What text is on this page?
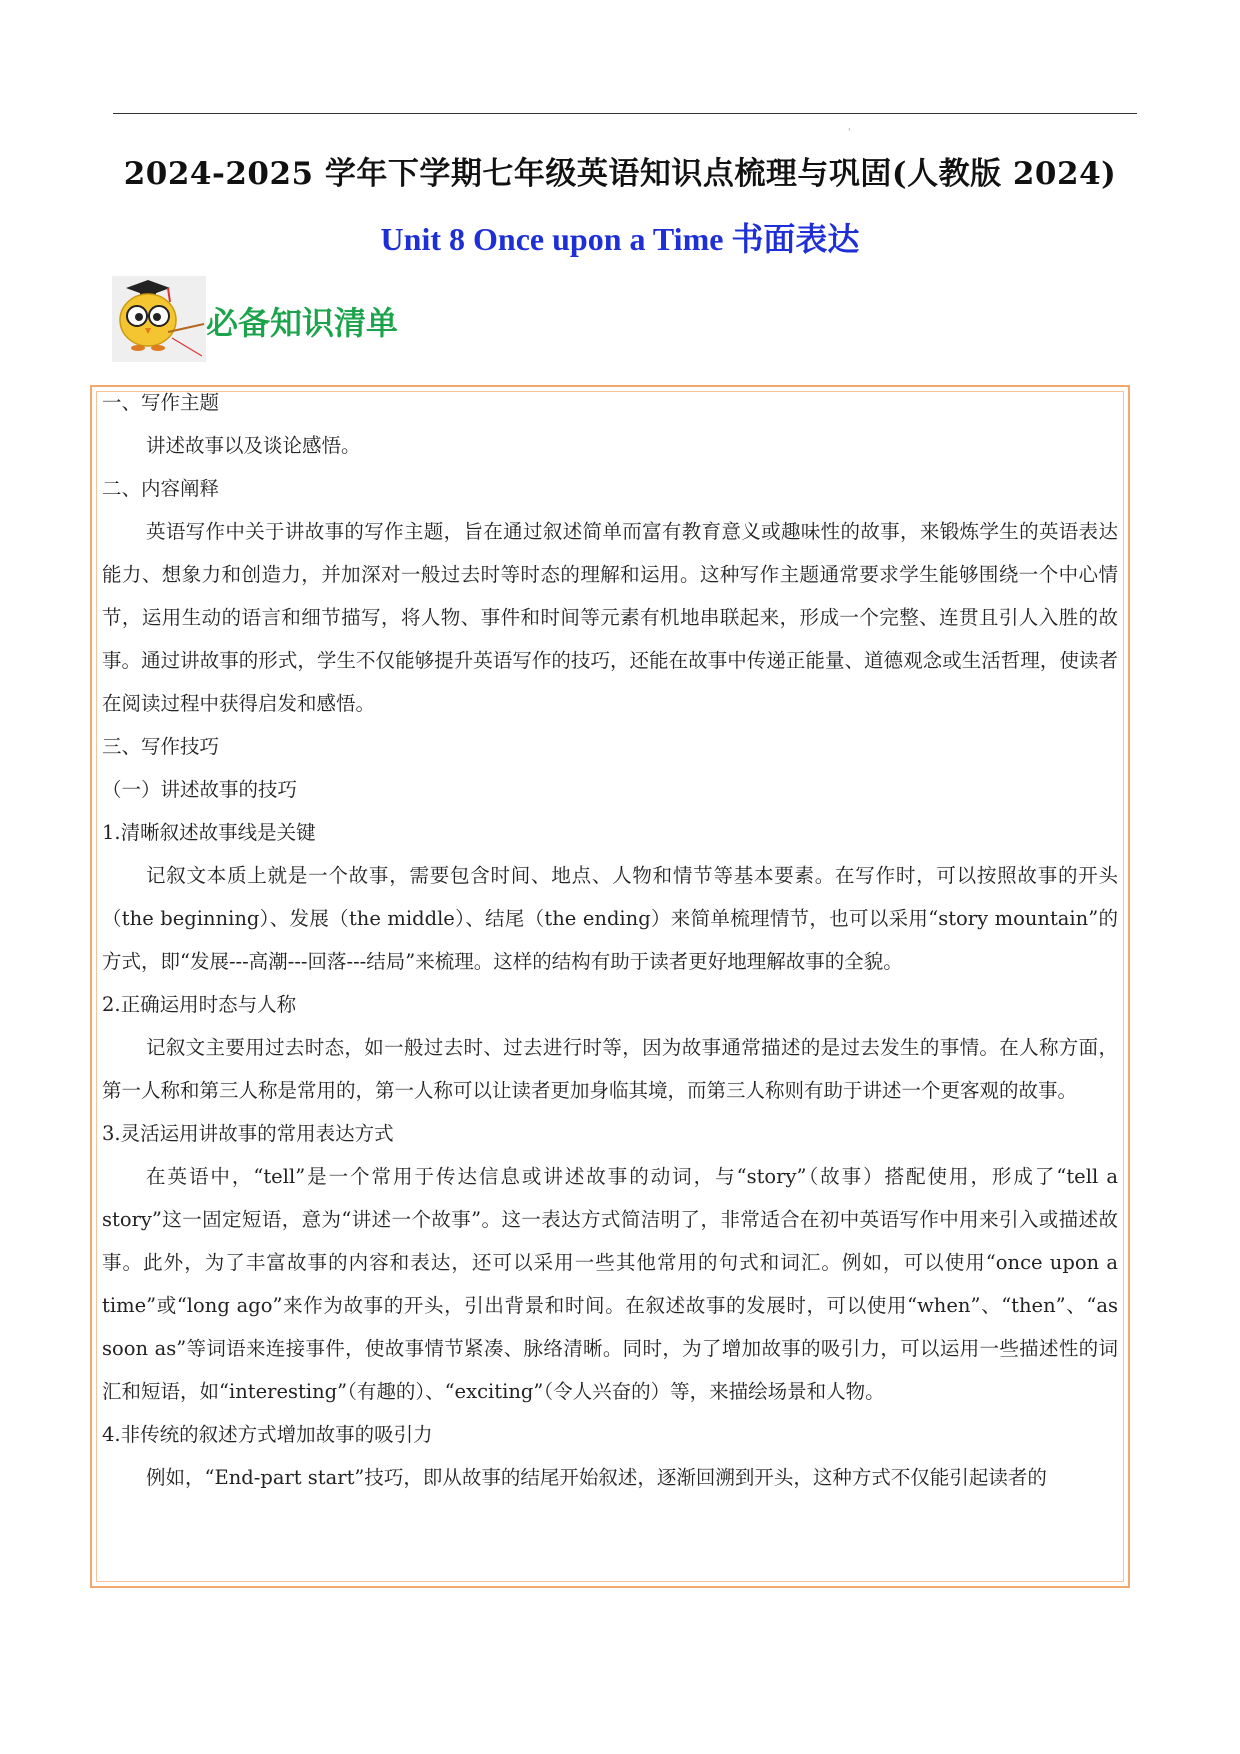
'
2024-2025 学年下学期七年级英语知识点梳理与巩固(人教版 2024)
Unit 8 Once upon a Time 书面表达
必备知识清单

一、写作主题

讲述故事以及谈论感悟。

二、内容阐释

英语写作中关于讲故事的写作主题，旨在通过叙述简单而富有教育意义或趣味性的故事，来锻炼学生的英语表达能力、想象力和创造力，并加深对一般过去时等时态的理解和运用。这种写作主题通常要求学生能够围绕一个中心情节，运用生动的语言和细节描写，将人物、事件和时间等元素有机地串联起来，形成一个完整、连贯且引人入胜的故事。通过讲故事的形式，学生不仅能够提升英语写作的技巧，还能在故事中传递正能量、道德观念或生活哲理，使读者在阅读过程中获得启发和感悟。

三、写作技巧

（一）讲述故事的技巧

1.清晰叙述故事线是关键

记叙文本质上就是一个故事，需要包含时间、地点、人物和情节等基本要素。在写作时，可以按照故事的开头（the beginning）、发展（the middle）、结尾（the ending）来简单梳理情节，也可以采用“story mountain”的方式，即“发展---高潮---回落---结局”来梳理。这样的结构有助于读者更好地理解故事的全貌。

2.正确运用时态与人称

记叙文主要用过去时态，如一般过去时、过去进行时等，因为故事通常描述的是过去发生的事情。在人称方面，第一人称和第三人称是常用的，第一人称可以让读者更加身临其境，而第三人称则有助于讲述一个更客观的故事。

3.灵活运用讲故事的常用表达方式

在英语中，“tell”是一个常用于传达信息或讲述故事的动词，与“story”（故事）搭配使用，形成了“tell a story”这一固定短语，意为“讲述一个故事”。这一表达方式简洁明了，非常适合在初中英语写作中用来引入或描述故事。此外，为了丰富故事的内容和表达，还可以采用一些其他常用的句式和词汇。例如，可以使用“once upon a time”或“long ago”来作为故事的开头，引出背景和时间。在叙述故事的发展时，可以使用“when”、“then”、“as soon as”等词语来连接事件，使故事情节紧凑、脉络清晰。同时，为了增加故事的吸引力，可以运用一些描述性的词汇和短语，如“interesting”（有趣的）、“exciting”（令人兴奋的）等，来描绘场景和人物。

4.非传统的叙述方式增加故事的吸引力

例如，“End-part start”技巧，即从故事的结尾开始叙述，逐渐回溯到开头，这种方式不仅能引起读者的
